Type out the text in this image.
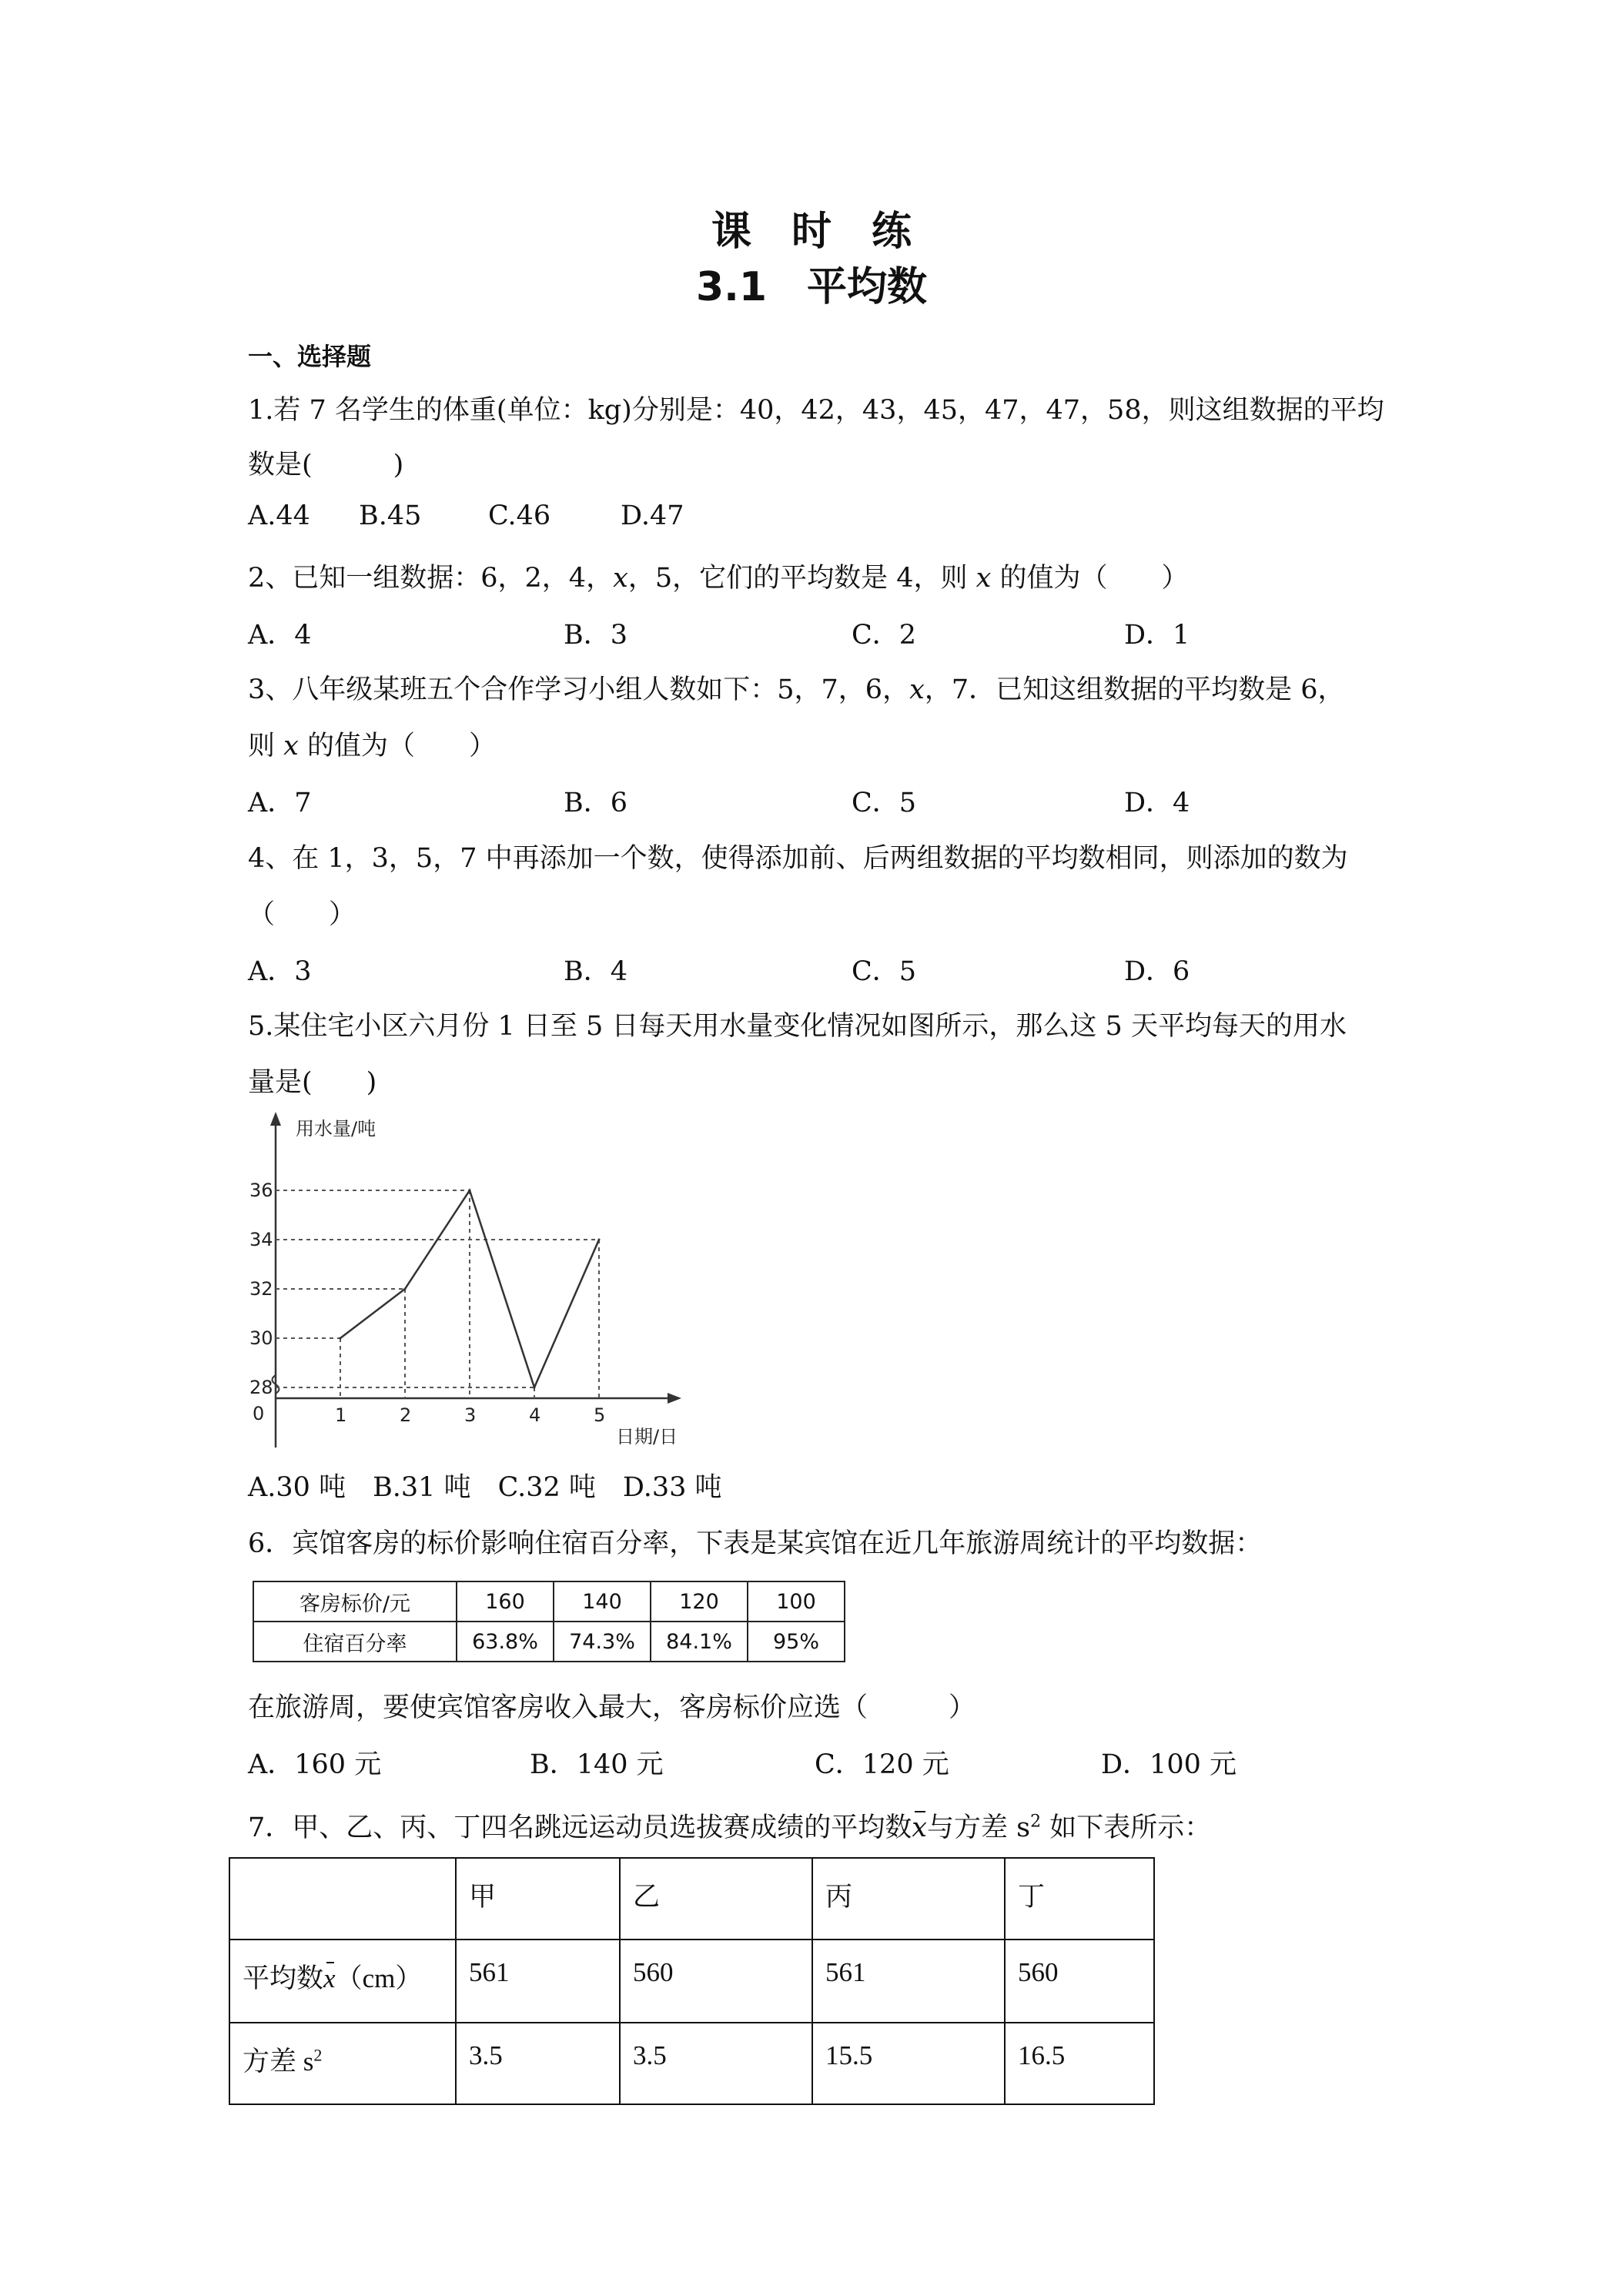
课　时　练
3.1　平均数
一、选择题
1.若 7 名学生的体重(单位：kg)分别是：40，42，43，45，47，47，58，则这组数据的平均
数是(　　　)
A.44 B.45 C.46	D.47
2、已知一组数据：6，2，4，x，5，它们的平均数是 4，则 x 的值为（　　）
A．4	B．3	C．2	D．1
3、八年级某班五个合作学习小组人数如下：5，7，6，x，7．已知这组数据的平均数是 6，
则 x 的值为（　　）
A．7	B．6	C．5	D．4
4、在 1，3，5，7 中再添加一个数，使得添加前、后两组数据的平均数相同，则添加的数为
（　　）
A．3	B．4	C．5	D．6
5.某住宅小区六月份 1 日至 5 日每天用水量变化情况如图所示，那么这 5 天平均每天的用水
量是(　　)
用水量/吨
日期/日
0
28
30
32
34
36
1	2	3	4	5
A.30 吨　B.31 吨　C.32 吨　D.33 吨
6．宾馆客房的标价影响住宿百分率，下表是某宾馆在近几年旅游周统计的平均数据：
客房标价/元	160	140	120	100
住宿百分率	63.8%	74.3%	84.1%	95%
在旅游周，要使宾馆客房收入最大，客房标价应选（　　　）
A．160 元	B．140 元	C．120 元	D．100 元
7．甲、乙、丙、丁四名跳远运动员选拔赛成绩的平均数x与方差 $s^2$ 如下表所示：
	甲	乙	丙	丁
平均数x（cm）	561	560	561	560
方差 $s^2$	3.5	3.5	15.5	16.5
